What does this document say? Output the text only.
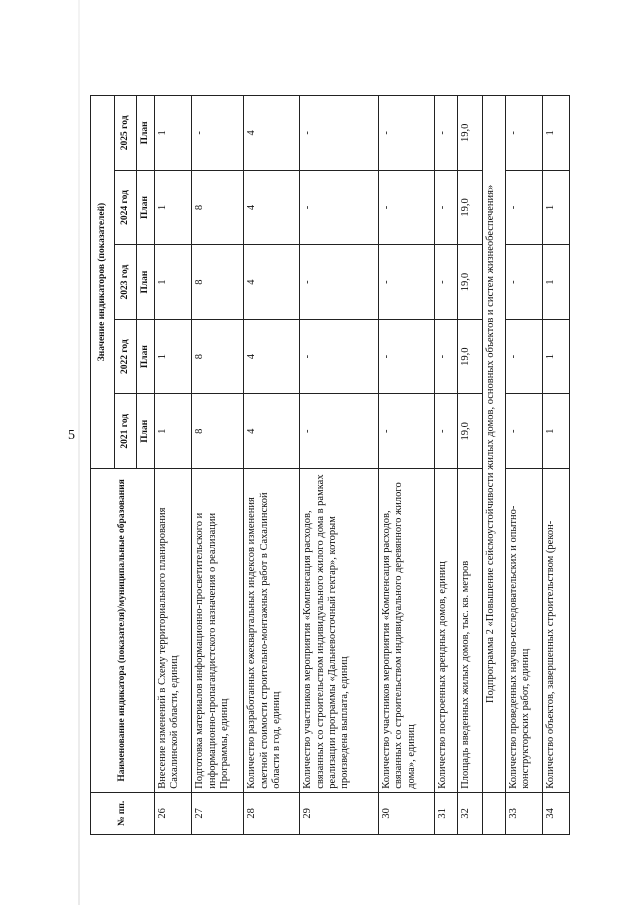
5
№ пп.	Наименование индикатора (показателя)/муниципальные образования	Значение индикаторов (показателей)				
		2021 год	2022 год	2023 год	2024 год	2025 год
		План	План	План	План	План
26	Внесение изменений в Схему территориального планирования Сахалинской области, единиц	1	1	1	1	1
27	Подготовка материалов информационно-просветительского и информационно-пропагандистского назначения о реализации Программы, единиц	8	8	8	8	-
28	Количество разработанных ежеквартальных индексов изменения сметной стоимости строительно-монтажных работ в Сахалинской области в год, единиц	4	4	4	4	4
29	Количество участников мероприятия «Компенсация расходов, связанных со строительством индивидуального жилого дома в рамках реализации программы «Дальневосточный гектар», которым произведена выплата, единиц	-	-	-	-	-
30	Количество участников мероприятия «Компенсация расходов, связанных со строительством индивидуального деревянного жилого дома», единиц	-	-	-	-	-
31	Количество построенных арендных домов, единиц	-	-	-	-	-
32	Площадь введенных жилых домов, тыс. кв. метров	19,0	19,0	19,0	19,0	19,0
	Подпрограмма 2 «Повышение сейсмоустойчивости жилых домов, основных объектов и систем жизнеобеспечения»					
33	Количество проведенных научно-исследовательских и опытно-конструкторских работ, единиц	-	-	-	-	-
34	Количество объектов, завершенных строительством (рекон-	1	1	1	1	1
